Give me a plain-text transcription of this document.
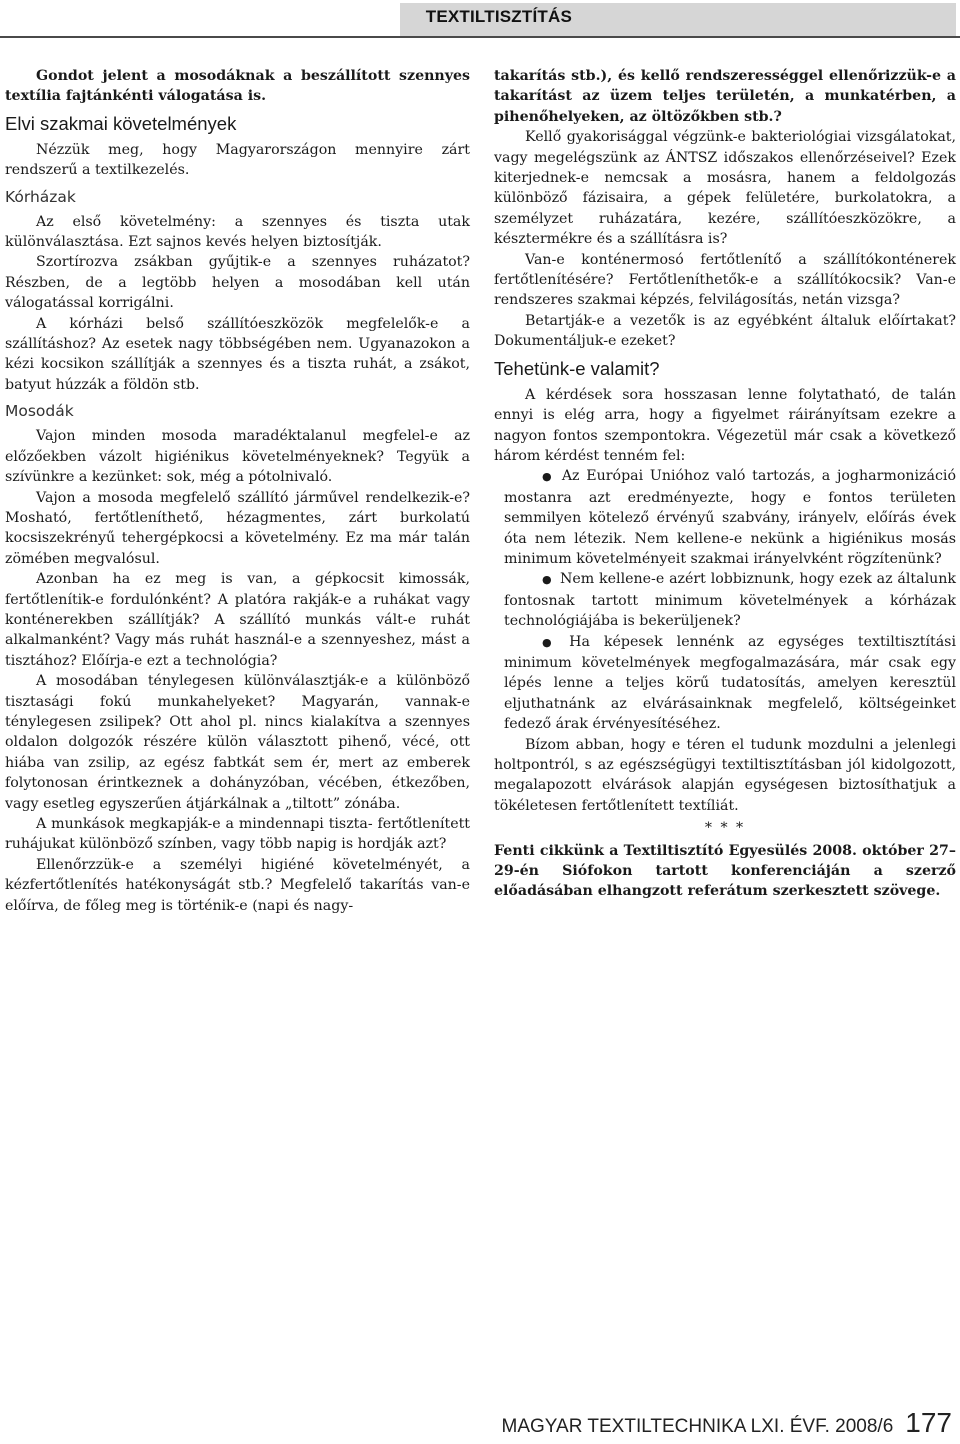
TEXTILTISZTÍTÁS

Gondot jelent a mosodáknak a beszállított szennyes textília fajtánkénti válogatása is.

Elvi szakmai követelmények

Nézzük meg, hogy Magyarországon mennyire zárt rendszerű a textilkezelés.

Kórházak

Az első követelmény: a szennyes és tiszta utak különválasztása. Ezt sajnos kevés helyen biztosítják.

Szortírozva zsákban gyűjtik-e a szennyes ruházatot? Részben, de a legtöbb helyen a mosodában kell után válogatással korrigálni.

A kórházi belső szállítóeszközök megfelelők-e a szállításhoz? Az esetek nagy többségében nem. Ugyanazokon a kézi kocsikon szállítják a szennyes és a tiszta ruhát, a zsákot, batyut húzzák a földön stb.

Mosodák

Vajon minden mosoda maradéktalanul megfelel-e az előzőekben vázolt higiénikus követelményeknek? Tegyük a szívünkre a kezünket: sok, még a pótolnivaló.

Vajon a mosoda megfelelő szállító járművel rendelkezik-e? Mosható, fertőtleníthető, hézagmentes, zárt burkolatú kocsiszekrényű tehergépkocsi a követelmény. Ez ma már talán zömében megvalósul.

Azonban ha ez meg is van, a gépkocsit kimossák, fertőtlenítik-e fordulónként? A platóra rakják-e a ruhákat vagy konténerekben szállítják? A szállító munkás vált-e ruhát alkalmanként? Vagy más ruhát használ-e a szennyeshez, mást a tisztához? Előírja-e ezt a technológia?

A mosodában ténylegesen különválasztják-e a különböző tisztasági fokú munkahelyeket? Magyarán, vannak-e ténylegesen zsilipek? Ott ahol pl. nincs kialakítva a szennyes oldalon dolgozók részére külön választott pihenő, vécé, ott hiába van zsilip, az egész fabtkát sem ér, mert az emberek folytonosan érintkeznek a dohányzóban, vécében, étkezőben, vagy esetleg egyszerűen átjárkálnak a „tiltott” zónába.

A munkások megkapják-e a mindennapi tiszta- fertőtlenített ruhájukat különböző színben, vagy több napig is hordják azt?

Ellenőrzzük-e a személyi higiéné követelményét, a kézfertőtlenítés hatékonyságát stb.? Megfelelő takarítás van-e előírva, de főleg meg is történik-e (napi és nagy-

takarítás stb.), és kellő rendszerességgel ellenőrizzük-e a takarítást az üzem teljes területén, a munkatérben, a pihenőhelyeken, az öltözőkben stb.?

Kellő gyakorisággal végzünk-e bakteriológiai vizsgálatokat, vagy megelégszünk az ÁNTSZ időszakos ellenőrzéseivel? Ezek kiterjednek-e nemcsak a mosásra, hanem a feldolgozás különböző fázisaira, a gépek felületére, burkolatokra, a személyzet ruházatára, kezére, szállítóeszközökre, a késztermékre és a szállításra is?

Van-e konténermosó fertőtlenítő a szállítókonténerek fertőtlenítésére? Fertőtleníthetők-e a szállítókocsik? Van-e rendszeres szakmai képzés, felvilágosítás, netán vizsga?

Betartják-e a vezetők is az egyébként általuk előírtakat? Dokumentáljuk-e ezeket?

Tehetünk-e valamit?

A kérdések sora hosszasan lenne folytatható, de talán ennyi is elég arra, hogy a figyelmet ráirányítsam ezekre a nagyon fontos szempontokra. Végezetül már csak a következő három kérdést tenném fel:

● Az Európai Unióhoz való tartozás, a jogharmonizáció mostanra azt eredményezte, hogy e fontos területen semmilyen kötelező érvényű szabvány, irányelv, előírás évek óta nem létezik. Nem kellene-e nekünk a higiénikus mosás minimum követelményeit szakmai irányelvként rögzítenünk?

● Nem kellene-e azért lobbiznunk, hogy ezek az általunk fontosnak tartott minimum követelmények a kórházak technológiájába is bekerüljenek?

● Ha képesek lennénk az egységes textiltisztítási minimum követelmények megfogalmazására, már csak egy lépés lenne a teljes körű tudatosítás, amelyen keresztül eljuthatnánk az elvárásainknak megfelelő, költségeinket fedező árak érvényesítéséhez.

Bízom abban, hogy e téren el tudunk mozdulni a jelenlegi holtpontról, s az egészségügyi textiltisztításban jól kidolgozott, megalapozott elvárások alapján egységesen biztosíthatjuk a tökéletesen fertőtlenített textíliát.

* * *

Fenti cikkünk a Textiltisztító Egyesülés 2008. október 27–29-én Siófokon tartott konferenciáján a szerző előadásában elhangzott referátum szerkesztett szövege.

MAGYAR TEXTILTECHNIKA LXI. ÉVF. 2008/6 177
